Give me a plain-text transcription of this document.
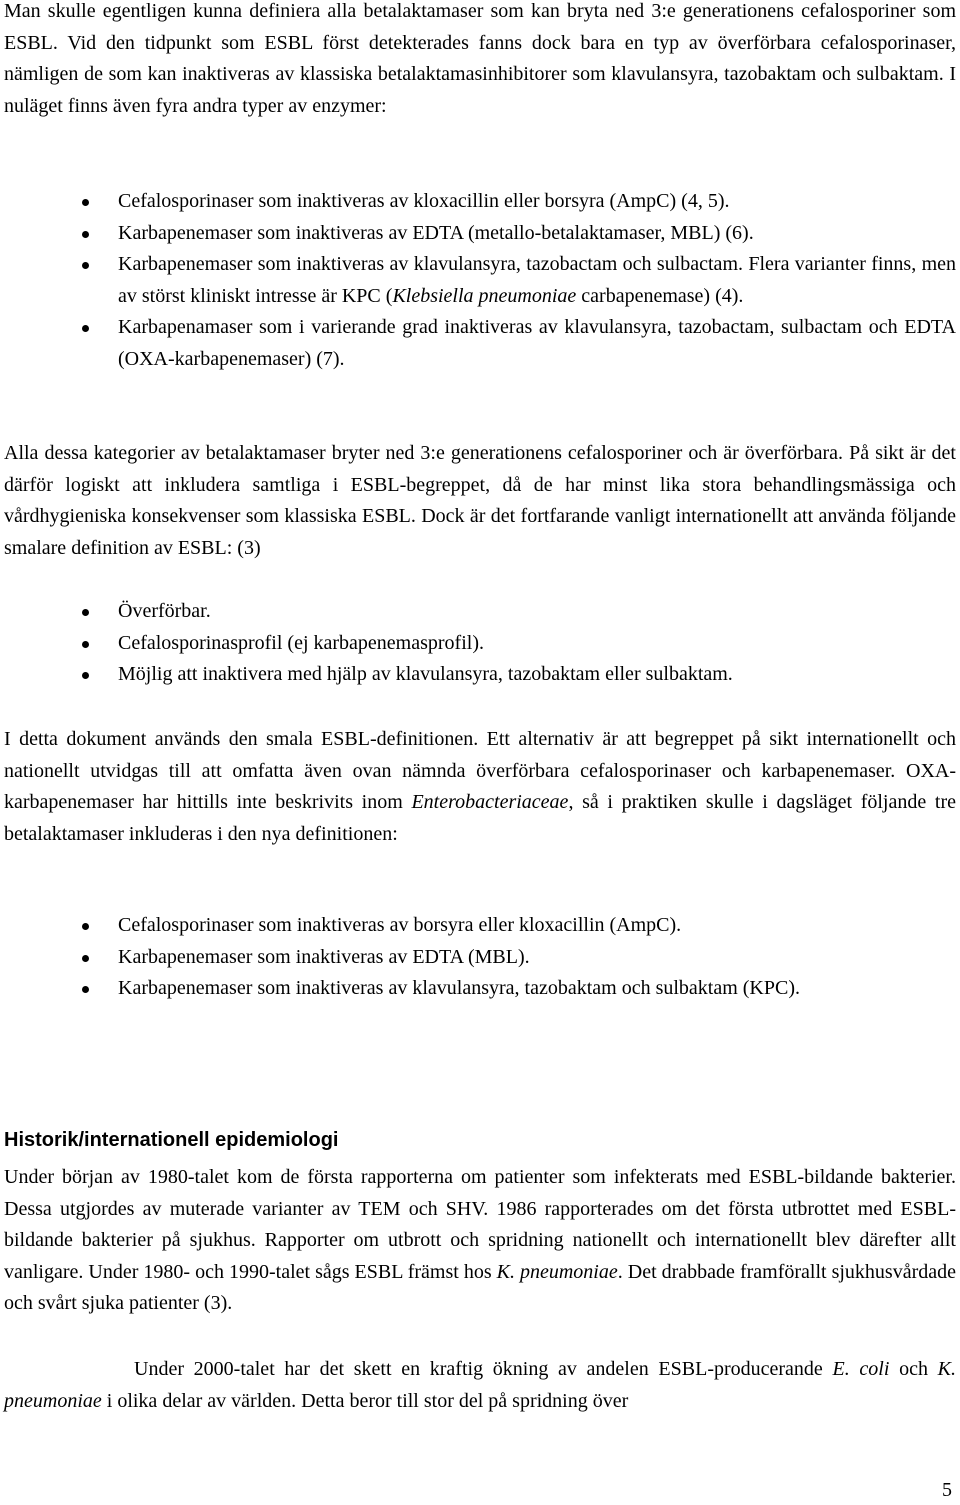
Man skulle egentligen kunna definiera alla betalaktamaser som kan bryta ned 3:e generationens cefalosporiner som ESBL. Vid den tidpunkt som ESBL först detekterades fanns dock bara en typ av överförbara cefalosporinaser, nämligen de som kan inaktiveras av klassiska betalaktamasinhibitorer som klavulansyra, tazobaktam och sulbaktam. I nuläget finns även fyra andra typer av enzymer:

Cefalosporinaser som inaktiveras av kloxacillin eller borsyra (AmpC) (4, 5).
Karbapenemaser som inaktiveras av EDTA (metallo-betalaktamaser, MBL) (6).
Karbapenemaser som inaktiveras av klavulansyra, tazobactam och sulbactam. Flera varianter finns, men av störst kliniskt intresse är KPC (Klebsiella pneumoniae carbapenemase) (4).
Karbapenamaser som i varierande grad inaktiveras av klavulansyra, tazobactam, sulbactam och EDTA (OXA-karbapenemaser) (7).

Alla dessa kategorier av betalaktamaser bryter ned 3:e generationens cefalosporiner och är överförbara. På sikt är det därför logiskt att inkludera samtliga i ESBL-begreppet, då de har minst lika stora behandlingsmässiga och vårdhygieniska konsekvenser som klassiska ESBL. Dock är det fortfarande vanligt internationellt att använda följande smalare definition av ESBL: (3)

Överförbar.
Cefalosporinasprofil (ej karbapenemasprofil).
Möjlig att inaktivera med hjälp av klavulansyra, tazobaktam eller sulbaktam.

I detta dokument används den smala ESBL-definitionen. Ett alternativ är att begreppet på sikt internationellt och nationellt utvidgas till att omfatta även ovan nämnda överförbara cefalosporinaser och karbapenemaser. OXA-karbapenemaser har hittills inte beskrivits inom Enterobacteriaceae, så i praktiken skulle i dagsläget följande tre betalaktamaser inkluderas i den nya definitionen:

Cefalosporinaser som inaktiveras av borsyra eller kloxacillin (AmpC).
Karbapenemaser som inaktiveras av EDTA (MBL).
Karbapenemaser som inaktiveras av klavulansyra, tazobaktam och sulbaktam (KPC).
Historik/internationell epidemiologi

Under början av 1980-talet kom de första rapporterna om patienter som infekterats med ESBL-bildande bakterier. Dessa utgjordes av muterade varianter av TEM och SHV. 1986 rapporterades om det första utbrottet med ESBL-bildande bakterier på sjukhus. Rapporter om utbrott och spridning nationellt och internationellt blev därefter allt vanligare. Under 1980- och 1990-talet sågs ESBL främst hos K. pneumoniae. Det drabbade framförallt sjukhusvårdade och svårt sjuka patienter (3).

Under 2000-talet har det skett en kraftig ökning av andelen ESBL-producerande E. coli och K. pneumoniae i olika delar av världen. Detta beror till stor del på spridning över

5
